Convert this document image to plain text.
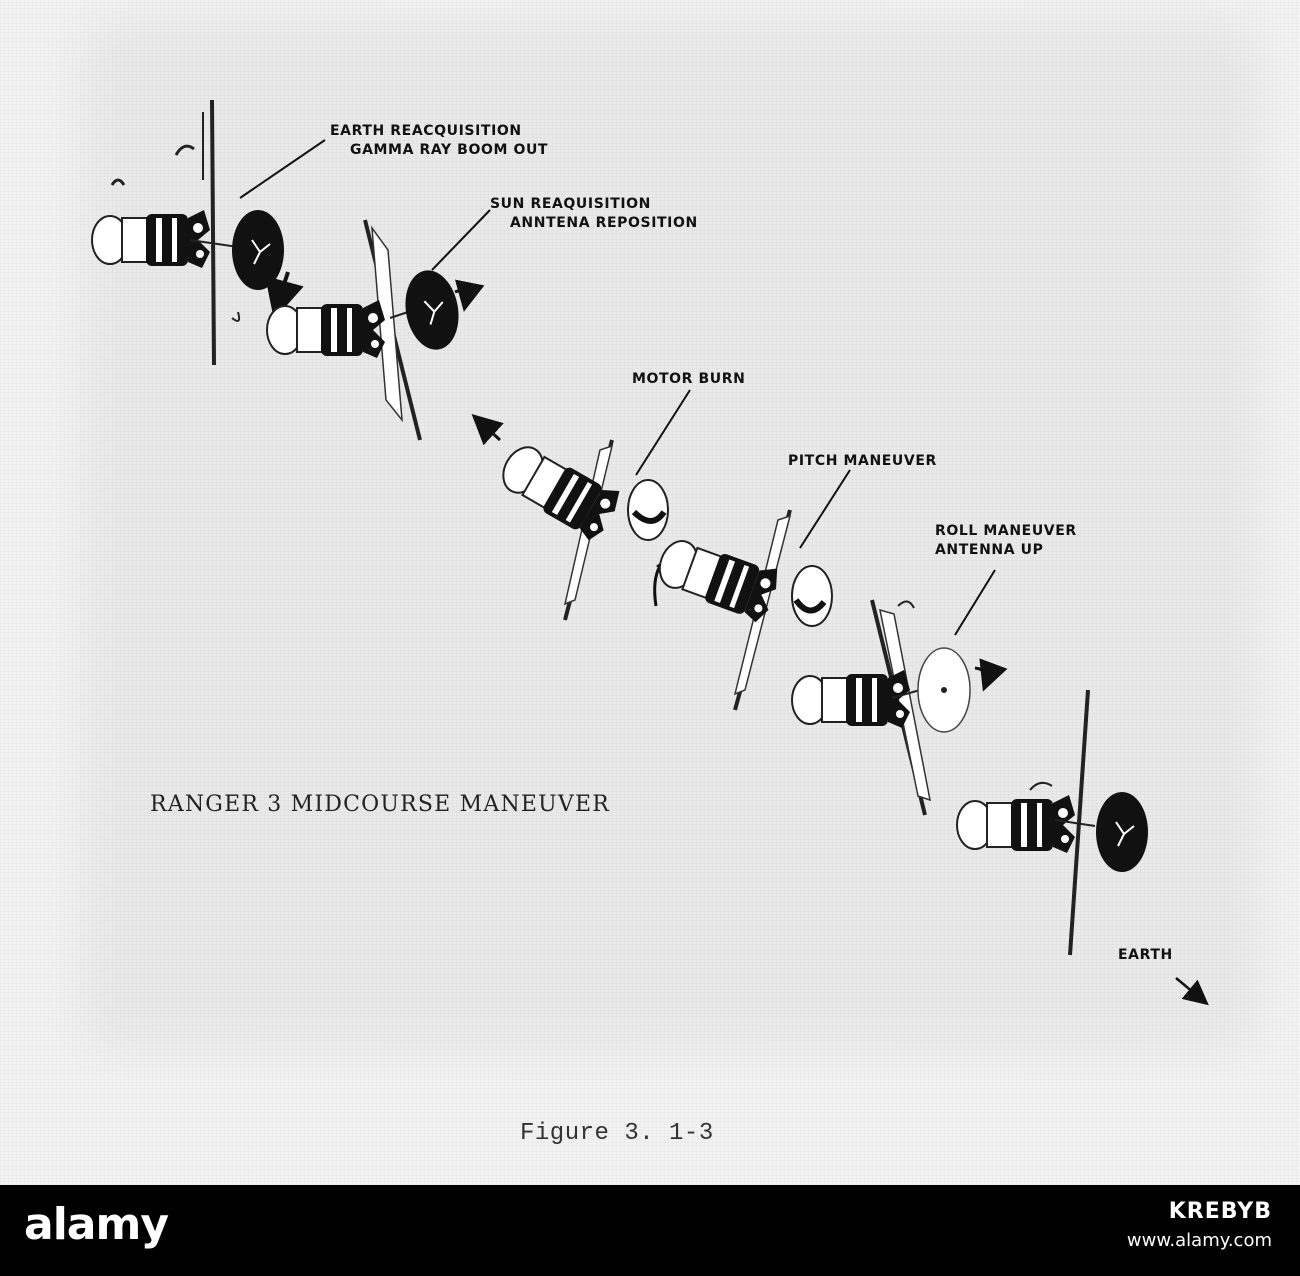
EARTH REACQUISITION
GAMMA RAY BOOM OUT
SUN REAQUISITION
ANNTENA REPOSITION
MOTOR BURN
PITCH MANEUVER
ROLL MANEUVER
ANTENNA UP
EARTH
RANGER 3 MIDCOURSE MANEUVER
Figure 3. 1-3
alamy	KREBYB
www.alamy.com
